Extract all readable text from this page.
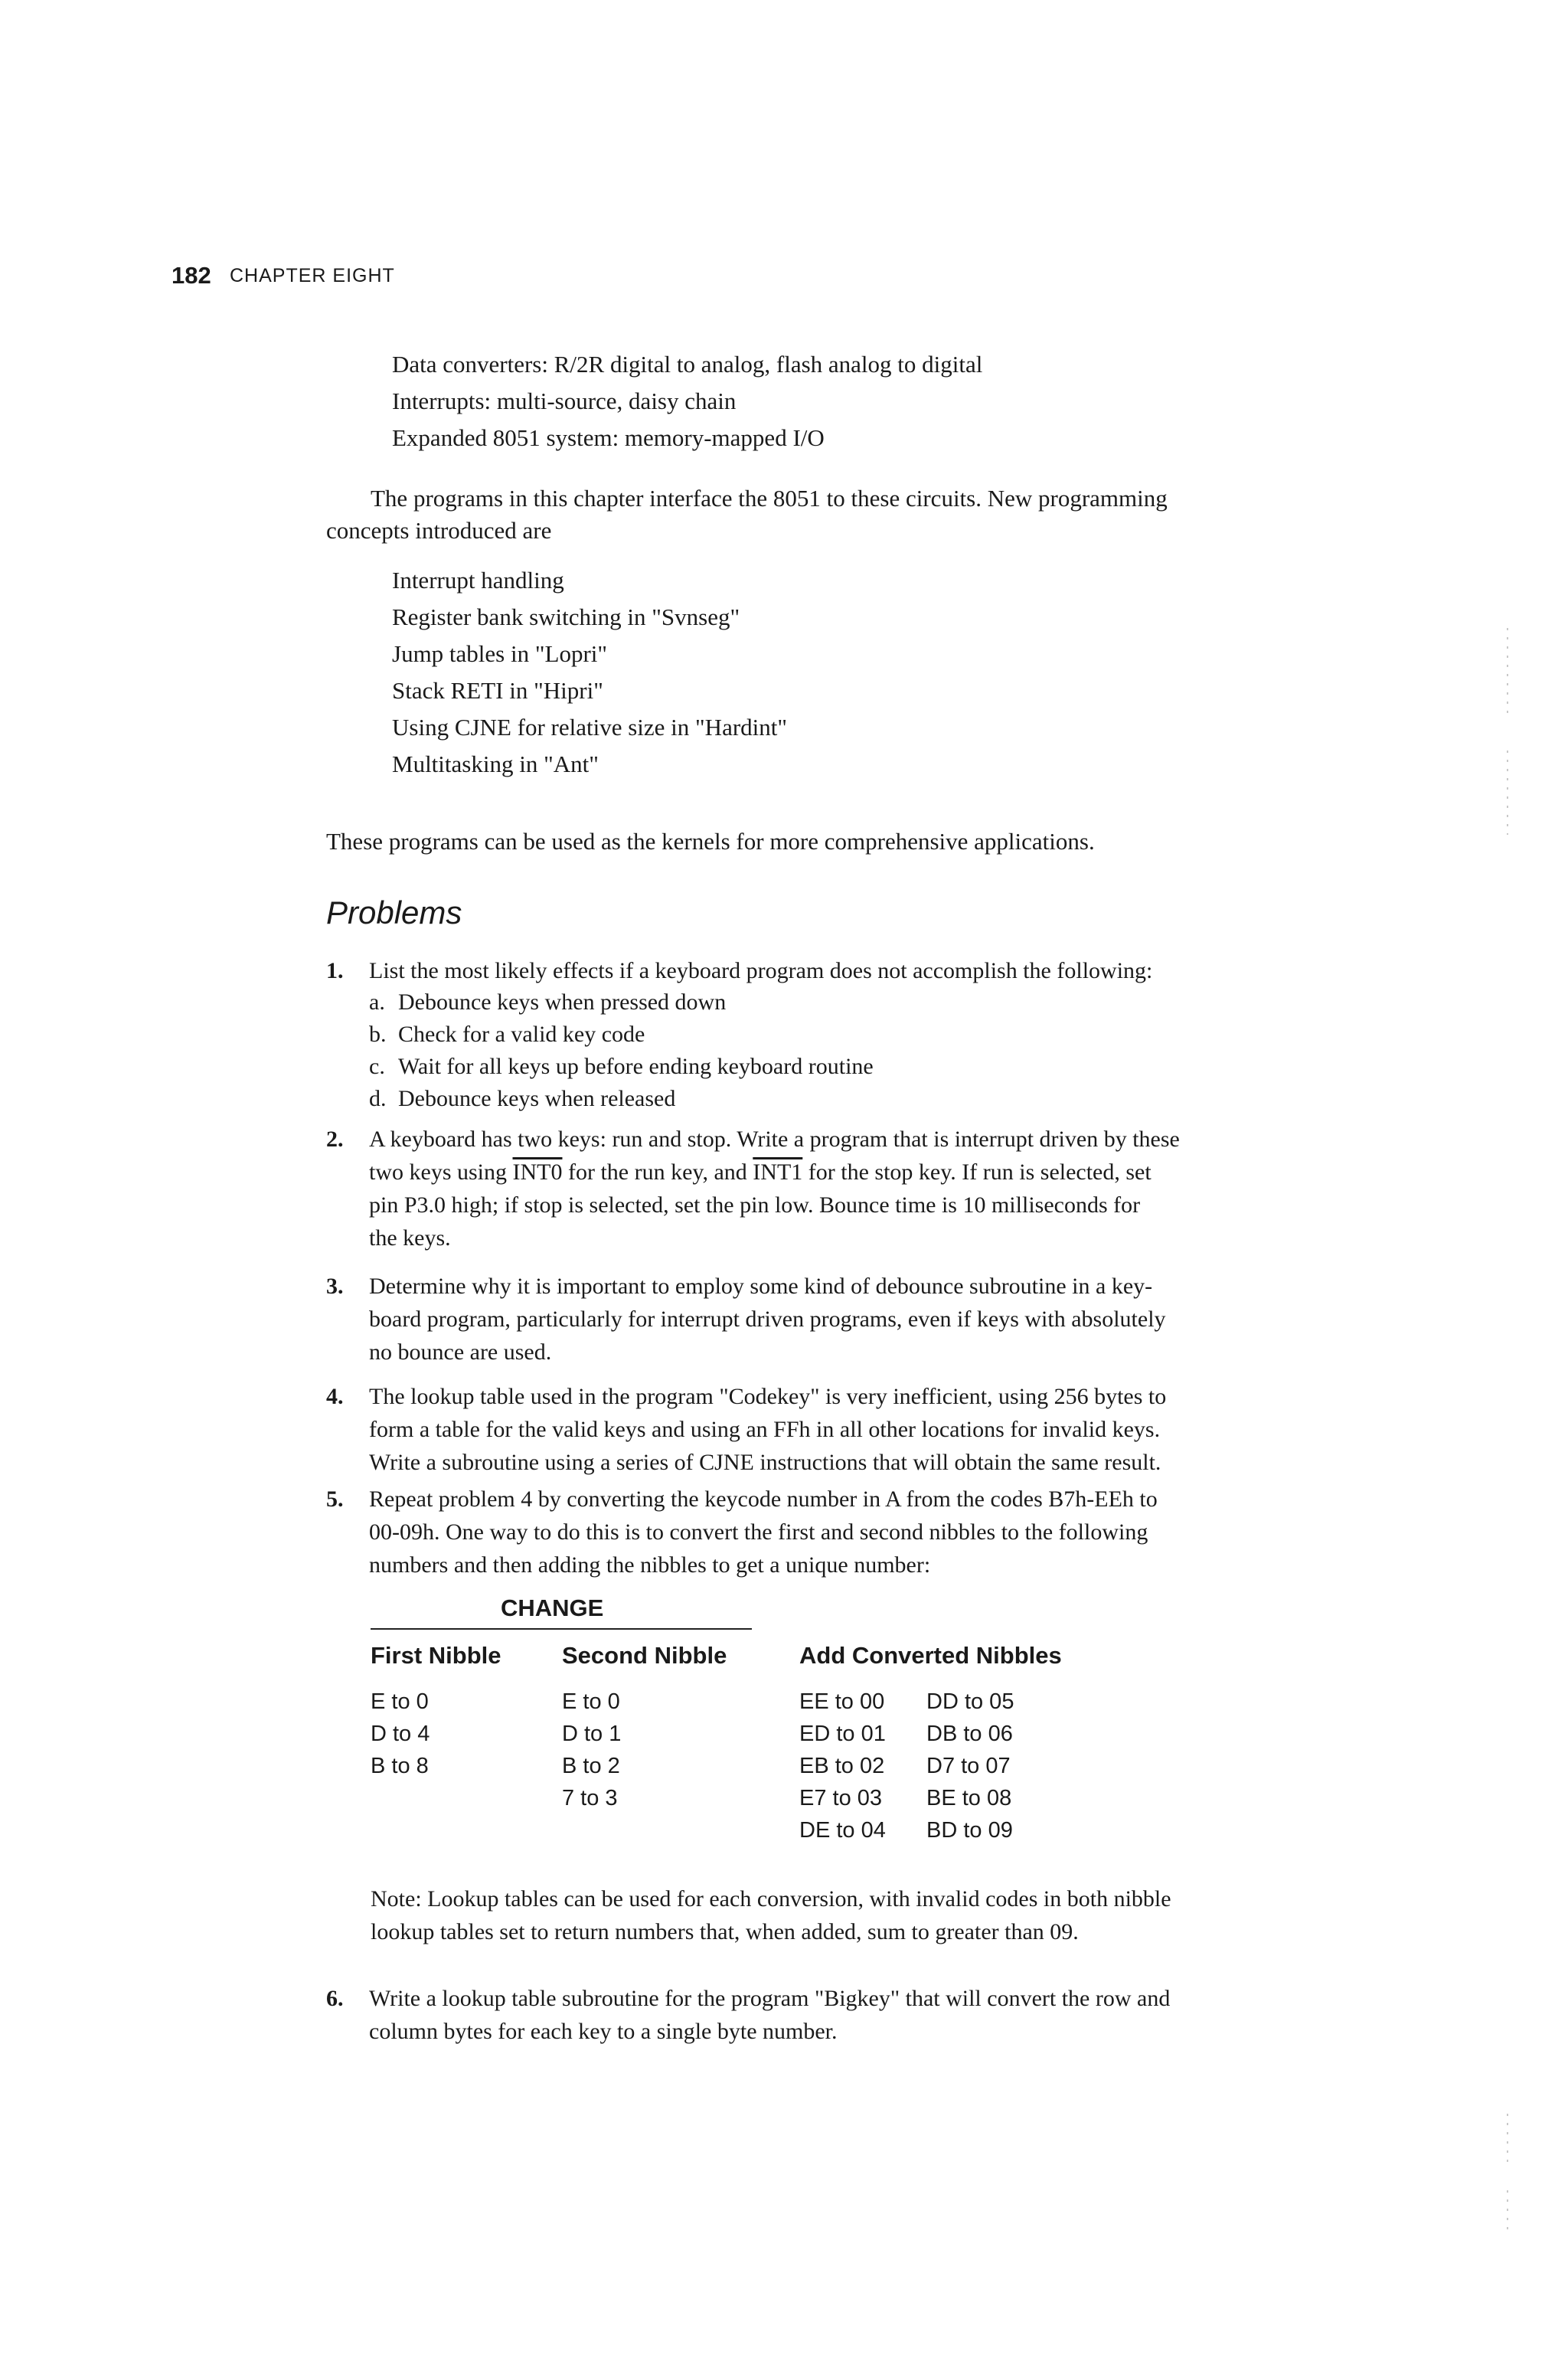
182 CHAPTER EIGHT
Data converters: R/2R digital to analog, flash analog to digital
Interrupts: multi-source, daisy chain
Expanded 8051 system: memory-mapped I/O
The programs in this chapter interface the 8051 to these circuits. New programming
concepts introduced are
Interrupt handling
Register bank switching in "Svnseg"
Jump tables in "Lopri"
Stack RETI in "Hipri"
Using CJNE for relative size in "Hardint"
Multitasking in "Ant"
These programs can be used as the kernels for more comprehensive applications.
Problems
1. List the most likely effects if a keyboard program does not accomplish the following:
a. Debounce keys when pressed down
b. Check for a valid key code
c. Wait for all keys up before ending keyboard routine
d. Debounce keys when released
2. A keyboard has two keys: run and stop. Write a program that is interrupt driven by these
two keys using INT0 for the run key, and INT1 for the stop key. If run is selected, set
pin P3.0 high; if stop is selected, set the pin low. Bounce time is 10 milliseconds for
the keys.
3. Determine why it is important to employ some kind of debounce subroutine in a key-
board program, particularly for interrupt driven programs, even if keys with absolutely
no bounce are used.
4. The lookup table used in the program "Codekey" is very inefficient, using 256 bytes to
form a table for the valid keys and using an FFh in all other locations for invalid keys.
Write a subroutine using a series of CJNE instructions that will obtain the same result.
5. Repeat problem 4 by converting the keycode number in A from the codes B7h-EEh to
00-09h. One way to do this is to convert the first and second nibbles to the following
numbers and then adding the nibbles to get a unique number:
CHANGE
First Nibble	Second Nibble	Add Converted Nibbles
E to 0
D to 4
B to 8
E to 0
D to 1
B to 2
7 to 3
EE to 00
ED to 01
EB to 02
E7 to 03
DE to 04
DD to 05
DB to 06
D7 to 07
BE to 08
BD to 09
Note: Lookup tables can be used for each conversion, with invalid codes in both nibble
lookup tables set to return numbers that, when added, sum to greater than 09.
6. Write a lookup table subroutine for the program "Bigkey" that will convert the row and
column bytes for each key to a single byte number.
